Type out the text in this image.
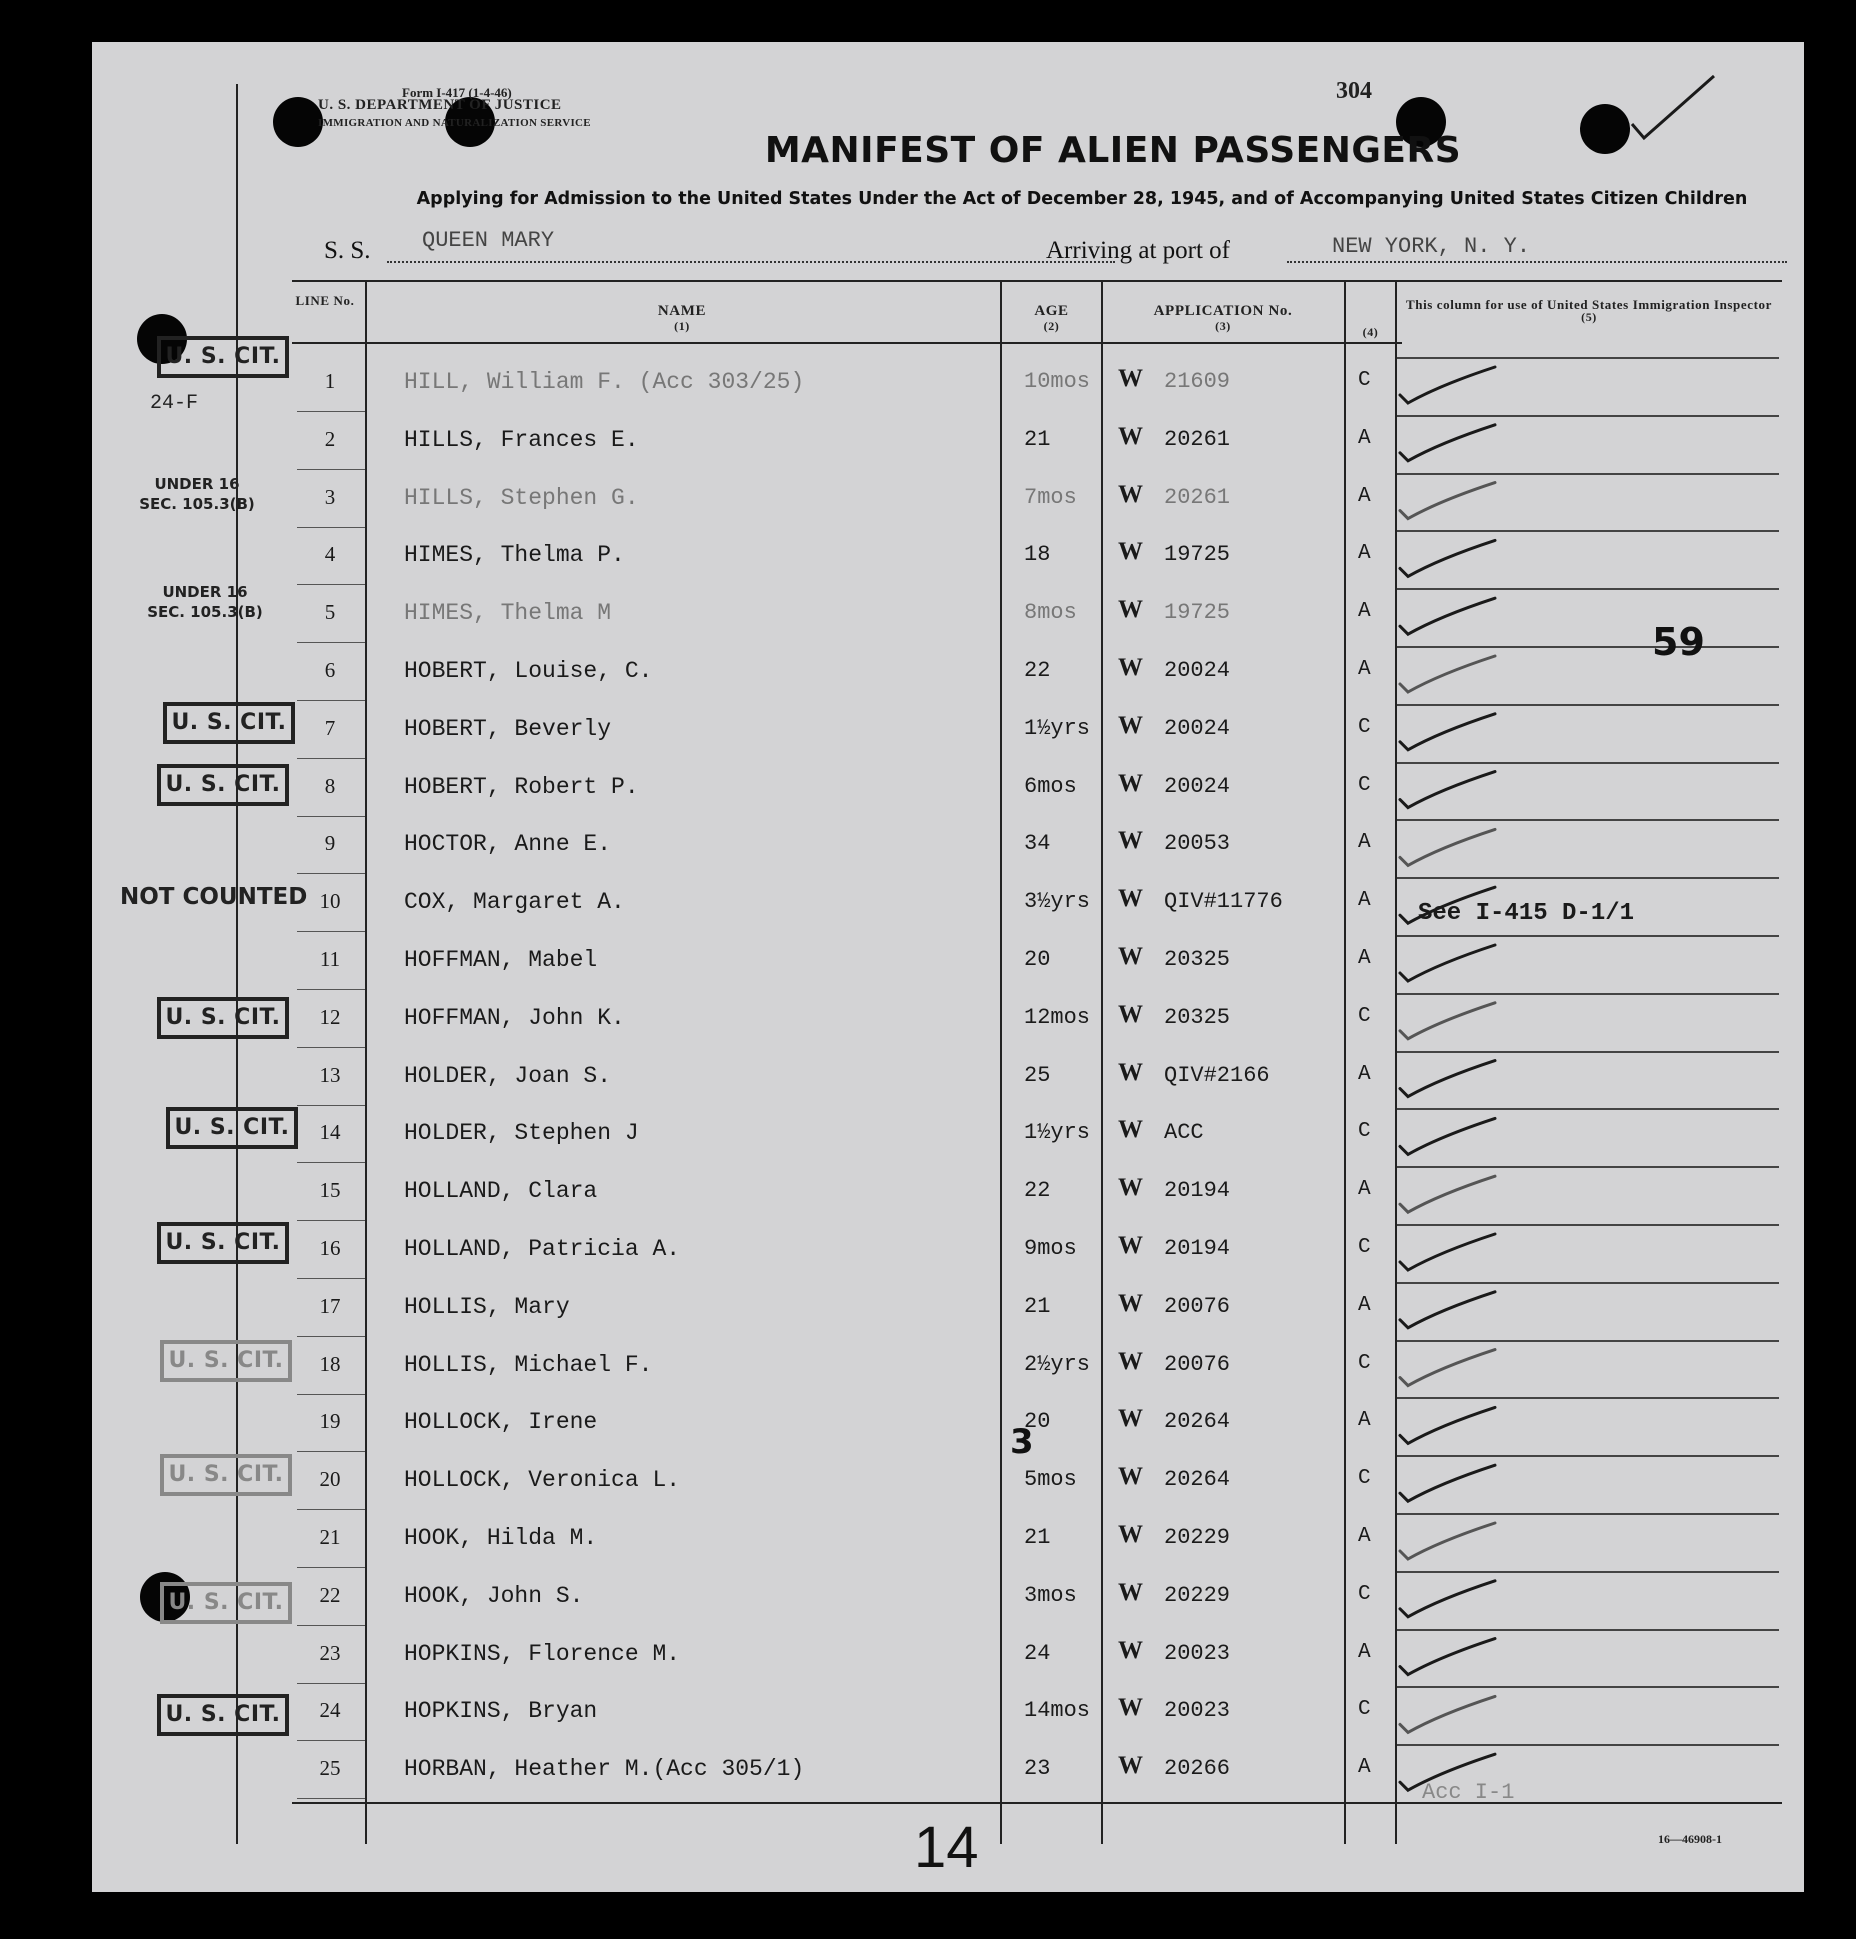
Form I-417 (1-4-46)
U. S. DEPARTMENT OF JUSTICE
IMMIGRATION AND NATURALIZATION SERVICE
304
MANIFEST OF ALIEN PASSENGERS
Applying for Admission to the United States Under the Act of December 28, 1945, and of Accompanying United States Citizen Children
S. S. QUEEN MARY	Arriving at port of	NEW YORK, N. Y.
LINE No.
NAME
(1)
AGE
(2)
APPLICATION No.
(3)	(4)
This column for use of United States Immigration Inspector
(5)
1	HILL, William F. (Acc 303/25)	10mos W 21609	C
2	HILLS, Frances E.	21	W 20261	A
3	HILLS, Stephen G.	7mos W 20261	A
4	HIMES, Thelma P.	18	W 19725	A
5	HIMES, Thelma M	8mos W 19725	A
6	HOBERT, Louise, C.	22	W 20024	A
7	HOBERT, Beverly	1½yrs W 20024	C
8	HOBERT, Robert P.	6mos W 20024	C
9	HOCTOR, Anne E.	34	W 20053	A
10	COX, Margaret A.	3½yrs W QIV#11776	A
11	HOFFMAN, Mabel	20	W 20325	A
12	HOFFMAN, John K.	12mos W 20325	C
13	HOLDER, Joan S.	25	W QIV#2166	A
14	HOLDER, Stephen J	1½yrs W ACC	C
15	HOLLAND, Clara	22	W 20194	A
16	HOLLAND, Patricia A.	9mos W 20194	C
17	HOLLIS, Mary	21	W 20076	A
18	HOLLIS, Michael F.	2½yrs W 20076	C
19	HOLLOCK, Irene	20	W 20264	A
20	HOLLOCK, Veronica L.	5mos W 20264	C
21	HOOK, Hilda M.	21	W 20229	A
22	HOOK, John S.	3mos W 20229	C
23	HOPKINS, Florence M.	24	W 20023	A
24	HOPKINS, Bryan	14mos W 20023	C
25	HORBAN, Heather M.(Acc 305/1)	23	W 20266	A
U. S. CIT.
24-F
UNDER 16
SEC. 105.3(B)
UNDER 16
SEC. 105.3(B)
U. S. CIT.
U. S. CIT.
NOT COUNTED
U. S. CIT.
U. S. CIT.
U. S. CIT.
U. S. CIT.
U. S. CIT.
U. S. CIT.
U. S. CIT.
59
See I-415 D-1/1
Acc I-1
3
14	16—46908-1
